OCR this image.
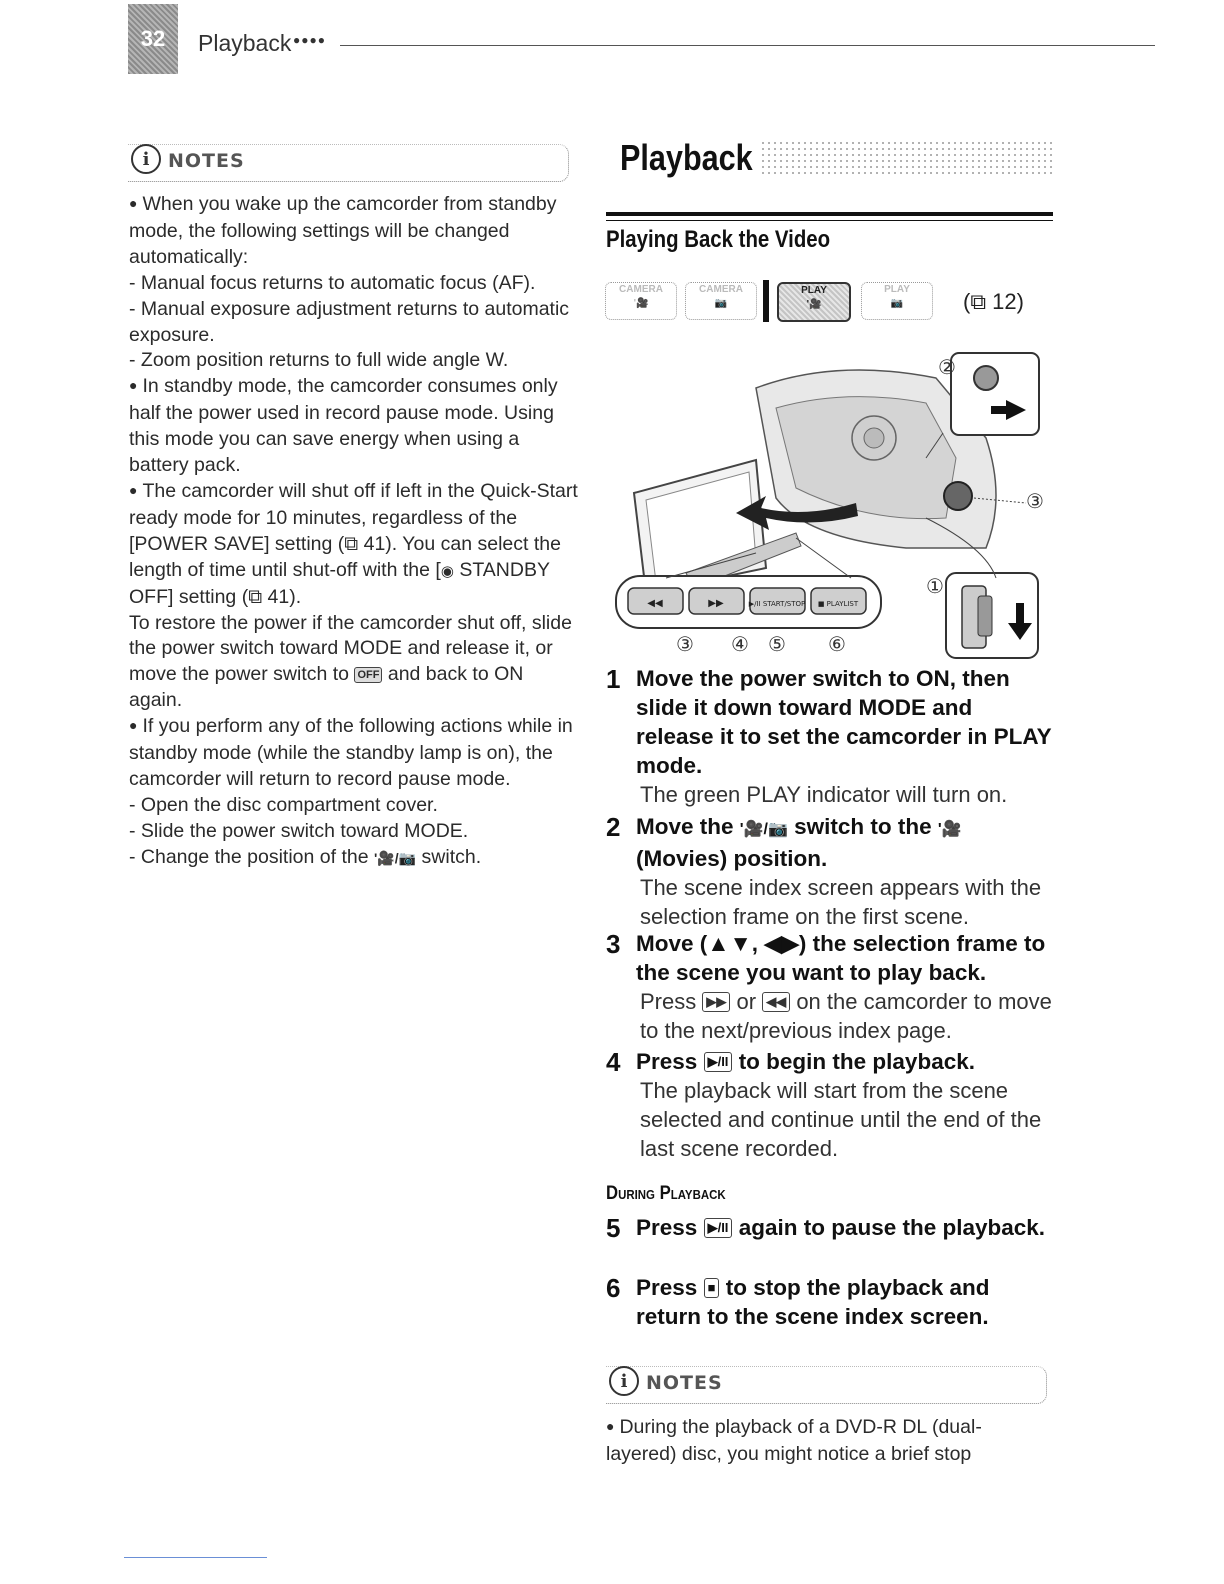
32 Playback ●●●●
i NOTES

● When you wake up the camcorder from standby mode, the following settings will be changed automatically:

- Manual focus returns to automatic focus (AF).

- Manual exposure adjustment returns to automatic exposure.

- Zoom position returns to full wide angle W.

● In standby mode, the camcorder consumes only half the power used in record pause mode. Using this mode you can save energy when using a battery pack.

● The camcorder will shut off if left in the Quick-Start ready mode for 10 minutes, regardless of the [POWER SAVE] setting (⧉ 41). You can select the length of time until shut-off with the [◉ STANDBY OFF] setting (⧉ 41).

To restore the power if the camcorder shut off, slide the power switch toward MODE and release it, or move the power switch to OFF and back to ON again.

● If you perform any of the following actions while in standby mode (while the standby lamp is on), the camcorder will return to record pause mode.

- Open the disc compartment cover.

- Slide the power switch toward MODE.

- Change the position of the '🎥/📷 switch.

Playback
Playing Back the Video
CAMERA
'🎥
CAMERA
📷
PLAY
'🎥
PLAY
📷	(⧉ 12)
◀◀	▶▶	▶/II START/STOP ■ PLAYLIST
②
③
①
③ ④ ⑤ ⑥
1 Move the power switch to ON, then slide it down toward MODE and release it to set the camcorder in PLAY mode.
The green PLAY indicator will turn on.
2 Move the '🎥/📷 switch to the '🎥
(Movies) position.
The scene index screen appears with the selection frame on the first scene.
3 Move (▲▼, ◀▶) the selection frame to the scene you want to play back.
Press ▶▶ or ◀◀ on the camcorder to move to the next/previous index page.
4 Press ▶/II to begin the playback.
The playback will start from the scene selected and continue until the end of the last scene recorded.
During Playback
5 Press ▶/II again to pause the playback.
6 Press ■ to stop the playback and return to the scene index screen.
i NOTES
● During the playback of a DVD-R DL (dual-layered) disc, you might notice a brief stop
